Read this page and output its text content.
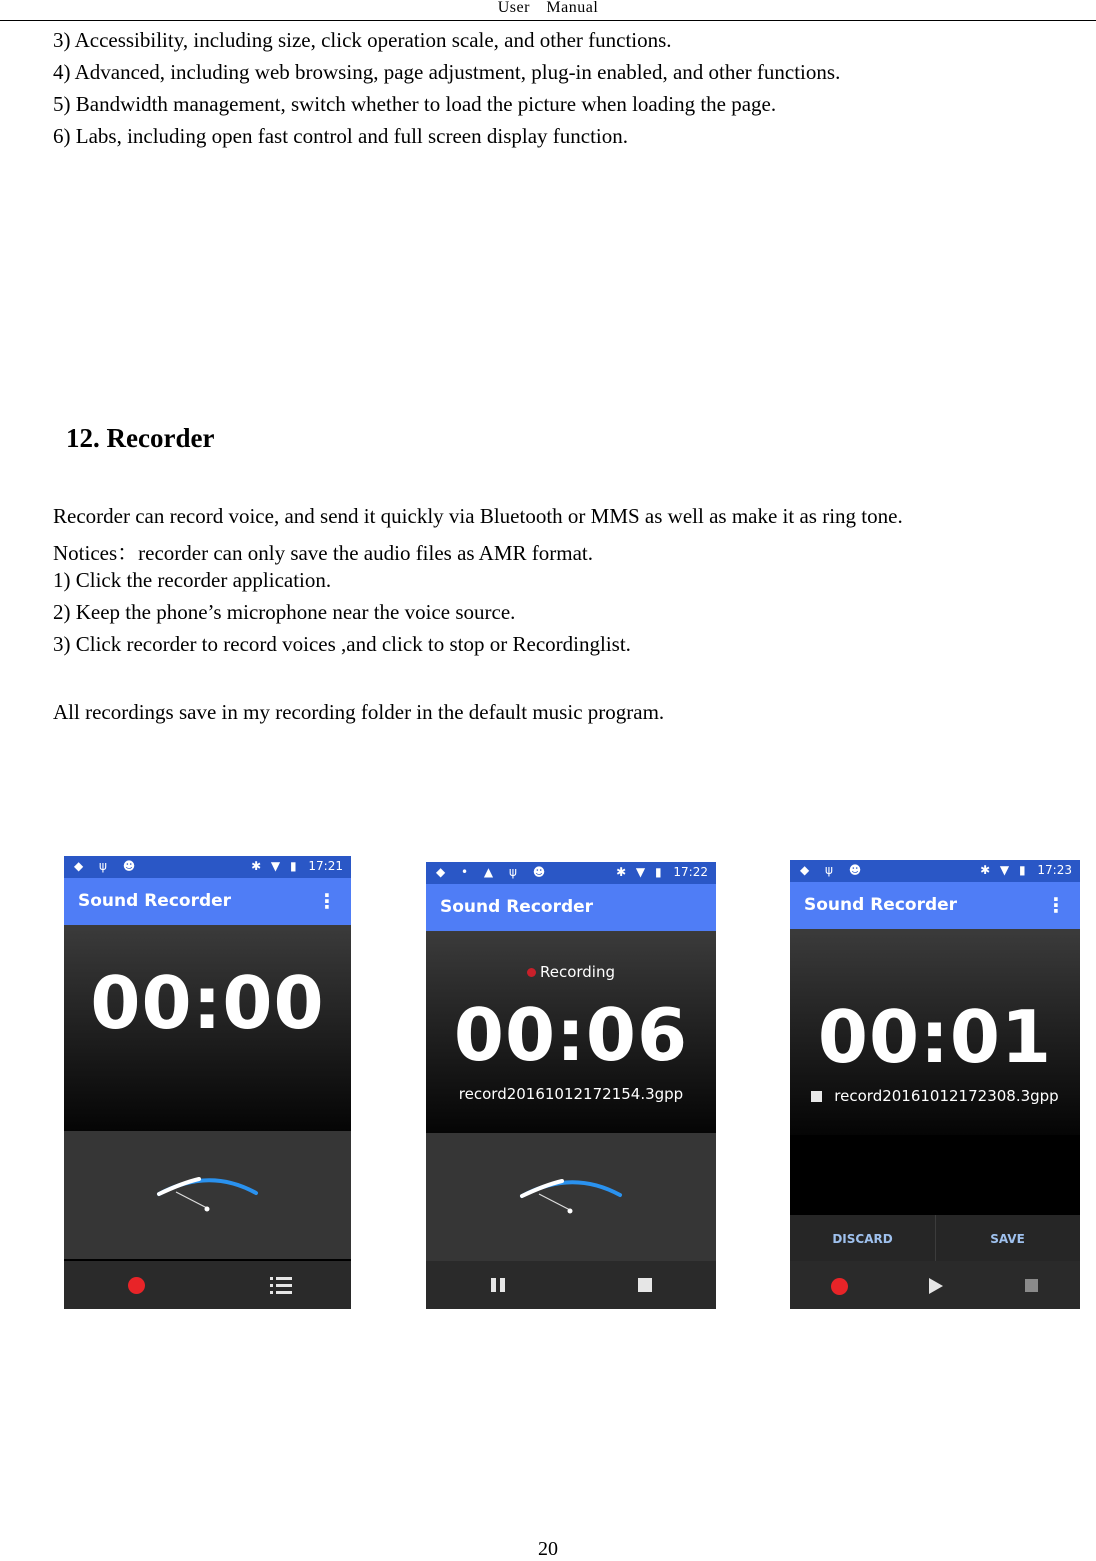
User Manual
3) Accessibility, including size, click operation scale, and other functions.
4) Advanced, including web browsing, page adjustment, plug-in enabled, and other functions.
5) Bandwidth management, switch whether to load the picture when loading the page.
6) Labs, including open fast control and full screen display function.
12. Recorder
Recorder can record voice, and send it quickly via Bluetooth or MMS as well as make it as ring tone.
Notices：recorder can only save the audio files as AMR format.
1) Click the recorder application.
2) Keep the phone’s microphone near the voice source.
3) Click recorder to record voices ,and click to stop or Recordinglist.
All recordings save in my recording folder in the default music program.
◆ ψ ☻	✱ ▼ ▮ 17:21
Sound Recorder	⋮
00:00
◆ • ▲ ψ ☻	✱ ▼ ▮ 17:22
Sound Recorder
Recording
00:06
record20161012172154.3gpp
◆ ψ ☻	✱ ▼ ▮ 17:23
Sound Recorder	⋮
00:01
record20161012172308.3gpp
DISCARD	SAVE
20
